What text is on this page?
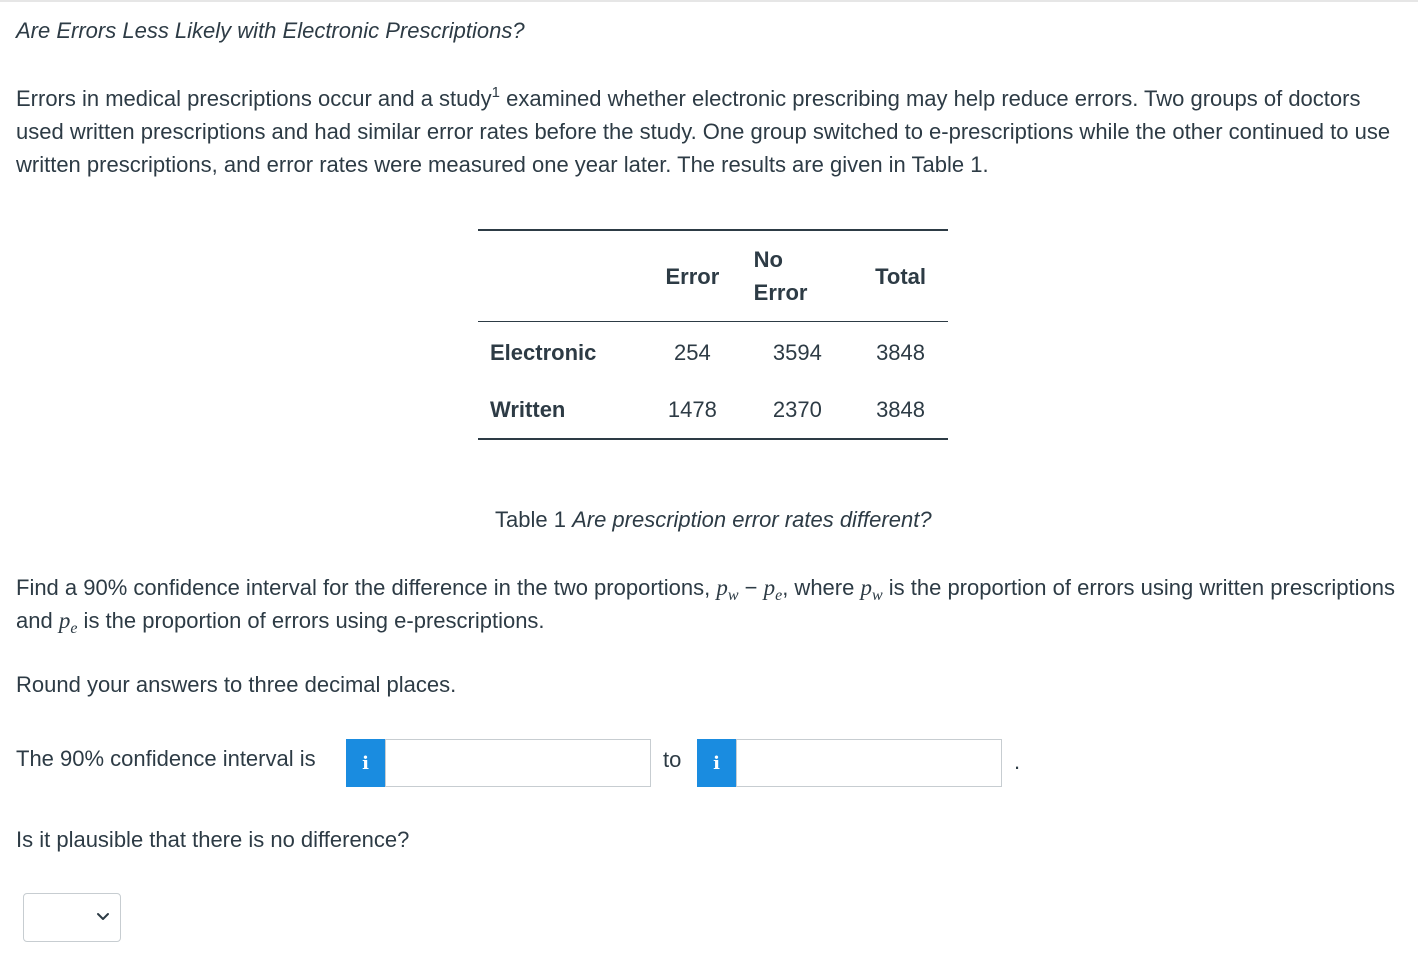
Are Errors Less Likely with Electronic Prescriptions?

Errors in medical prescriptions occur and a study$^1$ examined whether electronic prescribing may help reduce errors. Two groups of doctors used written prescriptions and had similar error rates before the study. One group switched to e-prescriptions while the other continued to use written prescriptions, and error rates were measured one year later. The results are given in Table 1.

	Error	No Error	Total
Electronic	254	3594	3848
Written	1478	2370	3848
Table 1 Are prescription error rates different?

Find a 90% confidence interval for the difference in the two proportions, $p_w - p_e$, where $p_w$ is the proportion of errors using written prescriptions and $p_e$ is the proportion of errors using e-prescriptions.

Round your answers to three decimal places.

The 90% confidence interval is	i	to	i	.

Is it plausible that there is no difference?
